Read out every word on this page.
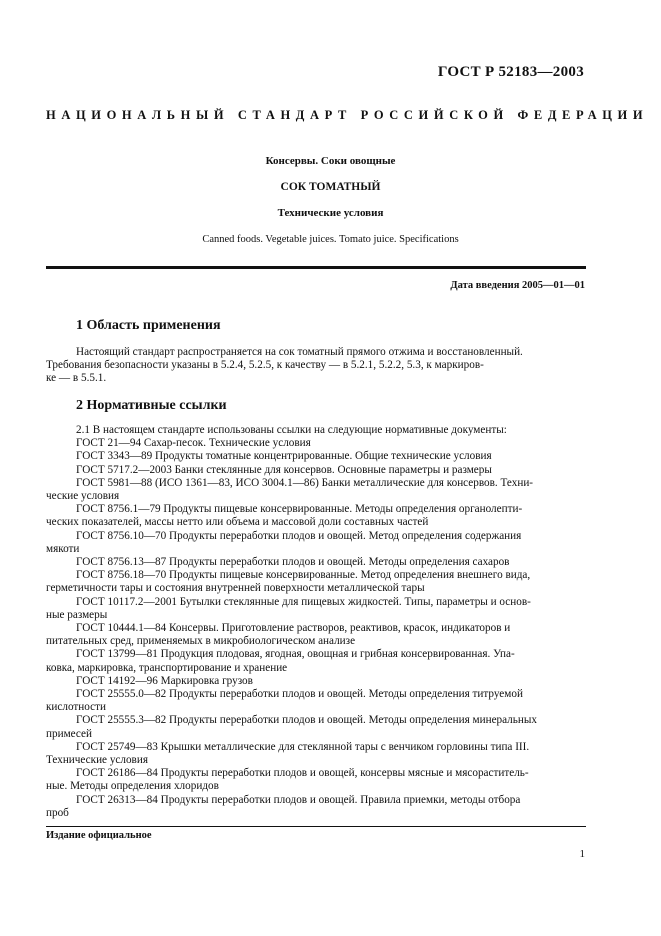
ГОСТ Р 52183—2003
НАЦИОНАЛЬНЫЙ СТАНДАРТ РОССИЙСКОЙ ФЕДЕРАЦИИ
Консервы. Соки овощные
СОК ТОМАТНЫЙ
Технические условия
Canned foods. Vegetable juices. Tomato juice. Specifications
Дата введения 2005—01—01
1 Область применения
Настоящий стандарт распространяется на сок томатный прямого отжима и восстановленный.
Требования безопасности указаны в 5.2.4, 5.2.5, к качеству — в 5.2.1, 5.2.2, 5.3, к маркиров-
ке — в 5.5.1.
2 Нормативные ссылки
2.1 В настоящем стандарте использованы ссылки на следующие нормативные документы:
ГОСТ 21—94 Сахар-песок. Технические условия
ГОСТ 3343—89 Продукты томатные концентрированные. Общие технические условия
ГОСТ 5717.2—2003 Банки стеклянные для консервов. Основные параметры и размеры
ГОСТ 5981—88 (ИСО 1361—83, ИСО 3004.1—86) Банки металлические для консервов. Техни-
ческие условия
ГОСТ 8756.1—79 Продукты пищевые консервированные. Методы определения органолепти-
ческих показателей, массы нетто или объема и массовой доли составных частей
ГОСТ 8756.10—70 Продукты переработки плодов и овощей. Метод определения содержания
мякоти
ГОСТ 8756.13—87 Продукты переработки плодов и овощей. Методы определения сахаров
ГОСТ 8756.18—70 Продукты пищевые консервированные. Метод определения внешнего вида,
герметичности тары и состояния внутренней поверхности металлической тары
ГОСТ 10117.2—2001 Бутылки стеклянные для пищевых жидкостей. Типы, параметры и основ-
ные размеры
ГОСТ 10444.1—84 Консервы. Приготовление растворов, реактивов, красок, индикаторов и
питательных сред, применяемых в микробиологическом анализе
ГОСТ 13799—81 Продукция плодовая, ягодная, овощная и грибная консервированная. Упа-
ковка, маркировка, транспортирование и хранение
ГОСТ 14192—96 Маркировка грузов
ГОСТ 25555.0—82 Продукты переработки плодов и овощей. Методы определения титруемой
кислотности
ГОСТ 25555.3—82 Продукты переработки плодов и овощей. Методы определения минеральных
примесей
ГОСТ 25749—83 Крышки металлические для стеклянной тары с венчиком горловины типа III.
Технические условия
ГОСТ 26186—84 Продукты переработки плодов и овощей, консервы мясные и мясораститель-
ные. Методы определения хлоридов
ГОСТ 26313—84 Продукты переработки плодов и овощей. Правила приемки, методы отбора
проб
Издание официальное
1
